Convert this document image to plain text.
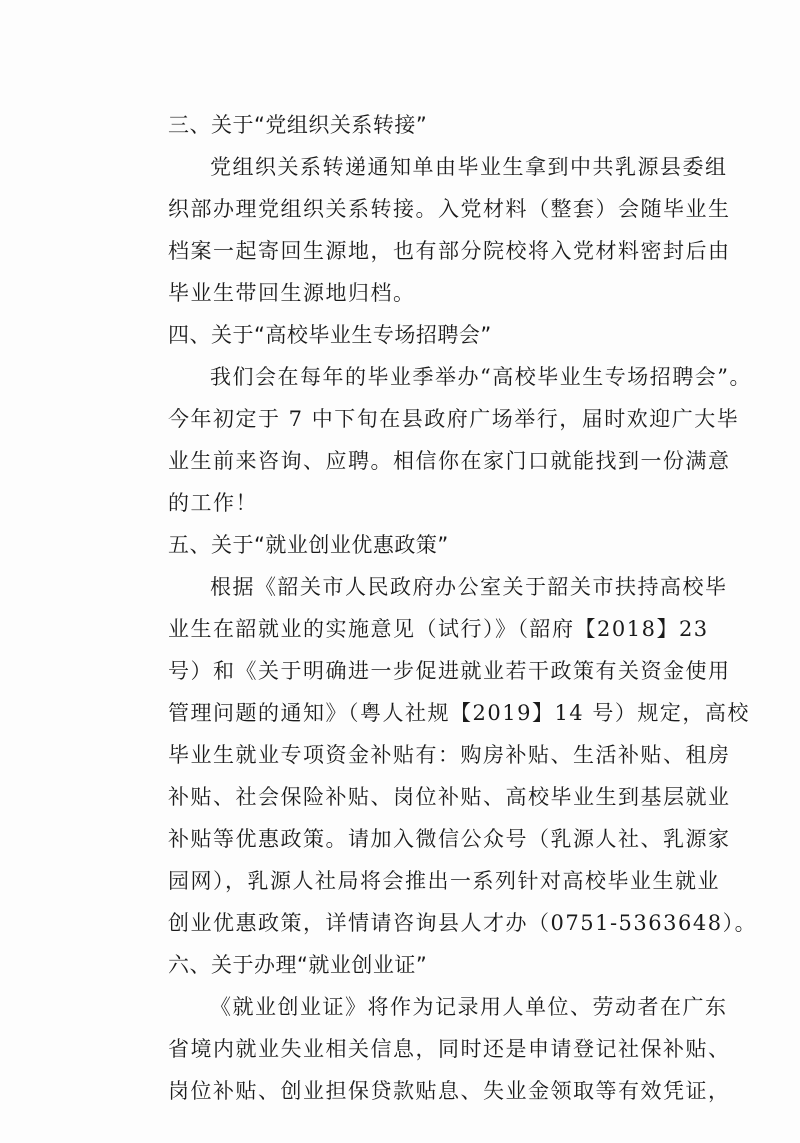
三、关于“党组织关系转接”

党组织关系转递通知单由毕业生拿到中共乳源县委组
织部办理党组织关系转接。入党材料（整套）会随毕业生
档案一起寄回生源地，也有部分院校将入党材料密封后由
毕业生带回生源地归档。

四、关于“高校毕业生专场招聘会”

我们会在每年的毕业季举办“高校毕业生专场招聘会”。
今年初定于 7 中下旬在县政府广场举行，届时欢迎广大毕
业生前来咨询、应聘。相信你在家门口就能找到一份满意
的工作！

五、关于“就业创业优惠政策”

根据《韶关市人民政府办公室关于韶关市扶持高校毕
业生在韶就业的实施意见（试行）》（韶府【2018】23
号）和《关于明确进一步促进就业若干政策有关资金使用
管理问题的通知》（粤人社规【2019】14 号）规定，高校
毕业生就业专项资金补贴有：购房补贴、生活补贴、租房
补贴、社会保险补贴、岗位补贴、高校毕业生到基层就业
补贴等优惠政策。请加入微信公众号（乳源人社、乳源家
园网），乳源人社局将会推出一系列针对高校毕业生就业
创业优惠政策，详情请咨询县人才办（0751-5363648）。

六、关于办理“就业创业证”

《就业创业证》将作为记录用人单位、劳动者在广东
省境内就业失业相关信息，同时还是申请登记社保补贴、
岗位补贴、创业担保贷款贴息、失业金领取等有效凭证，
